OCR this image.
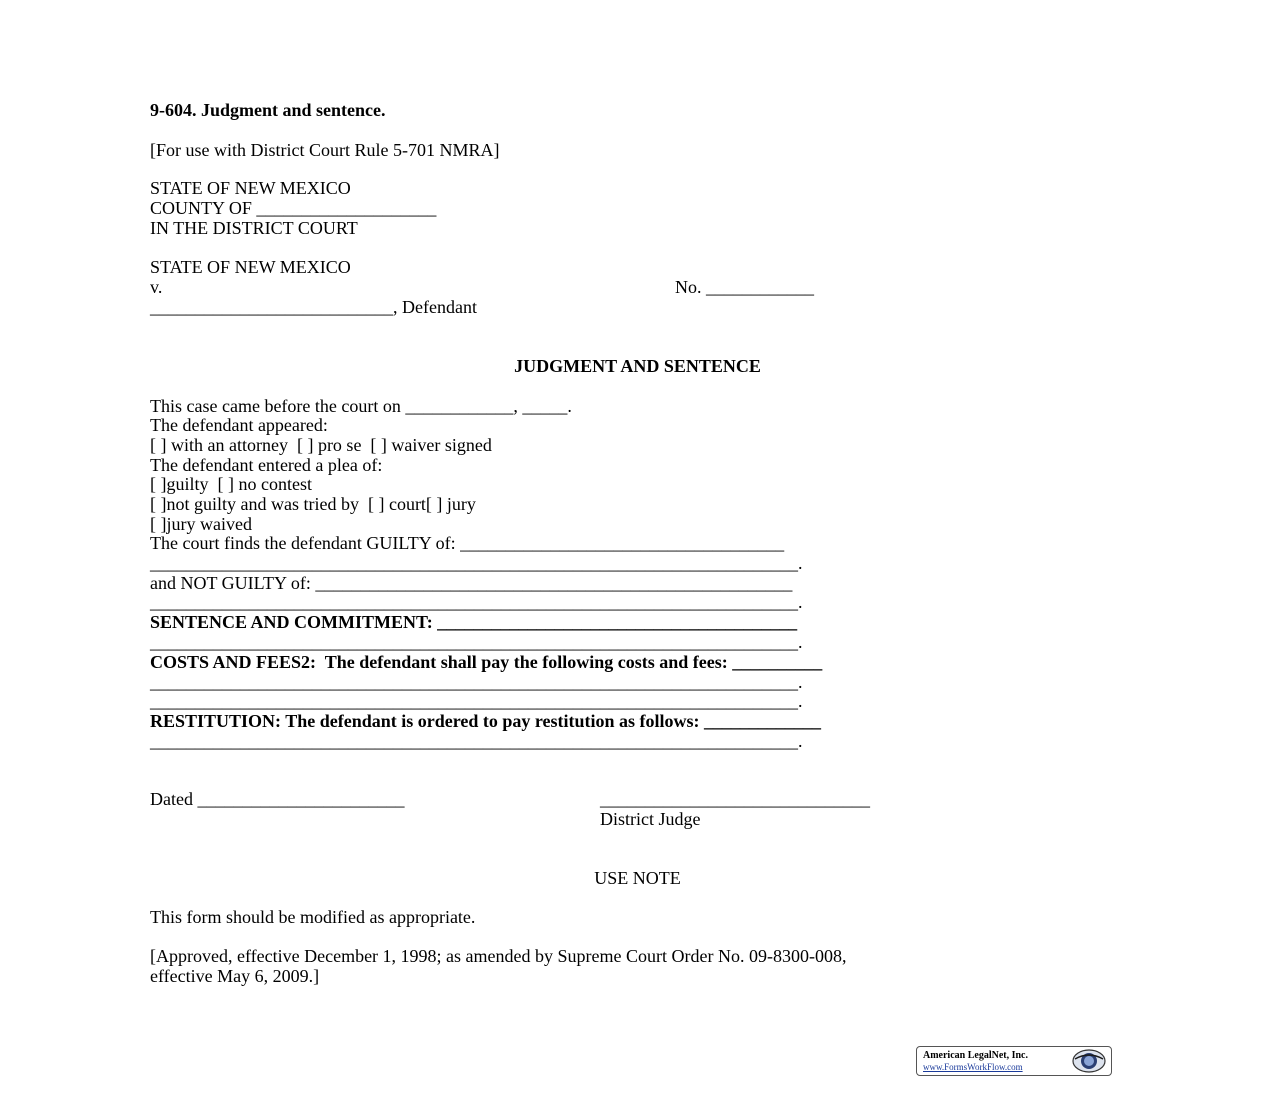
9-604. Judgment and sentence.
[For use with District Court Rule 5-701 NMRA]
STATE OF NEW MEXICO
COUNTY OF ____________________
IN THE DISTRICT COURT
STATE OF NEW MEXICO
v.	No. ____________
___________________________, Defendant
JUDGMENT AND SENTENCE
This case came before the court on ____________, _____.
The defendant appeared:
[ ] with an attorney  [ ] pro se  [ ] waiver signed
The defendant entered a plea of:
[ ]guilty  [ ] no contest
[ ]not guilty and was tried by  [ ] court[ ] jury
[ ]jury waived
The court finds the defendant GUILTY of: ____________________________________
________________________________________________________________________.
and NOT GUILTY of: _____________________________________________________
________________________________________________________________________.
SENTENCE AND COMMITMENT: ________________________________________
________________________________________________________________________.
COSTS AND FEES2:  The defendant shall pay the following costs and fees: __________
________________________________________________________________________.
________________________________________________________________________.
RESTITUTION: The defendant is ordered to pay restitution as follows: _____________
________________________________________________________________________.
Dated _______________________	______________________________
District Judge
USE NOTE
This form should be modified as appropriate.
[Approved, effective December 1, 1998; as amended by Supreme Court Order No. 09-8300-008,
effective May 6, 2009.]
American LegalNet, Inc.
www.FormsWorkFlow.com
